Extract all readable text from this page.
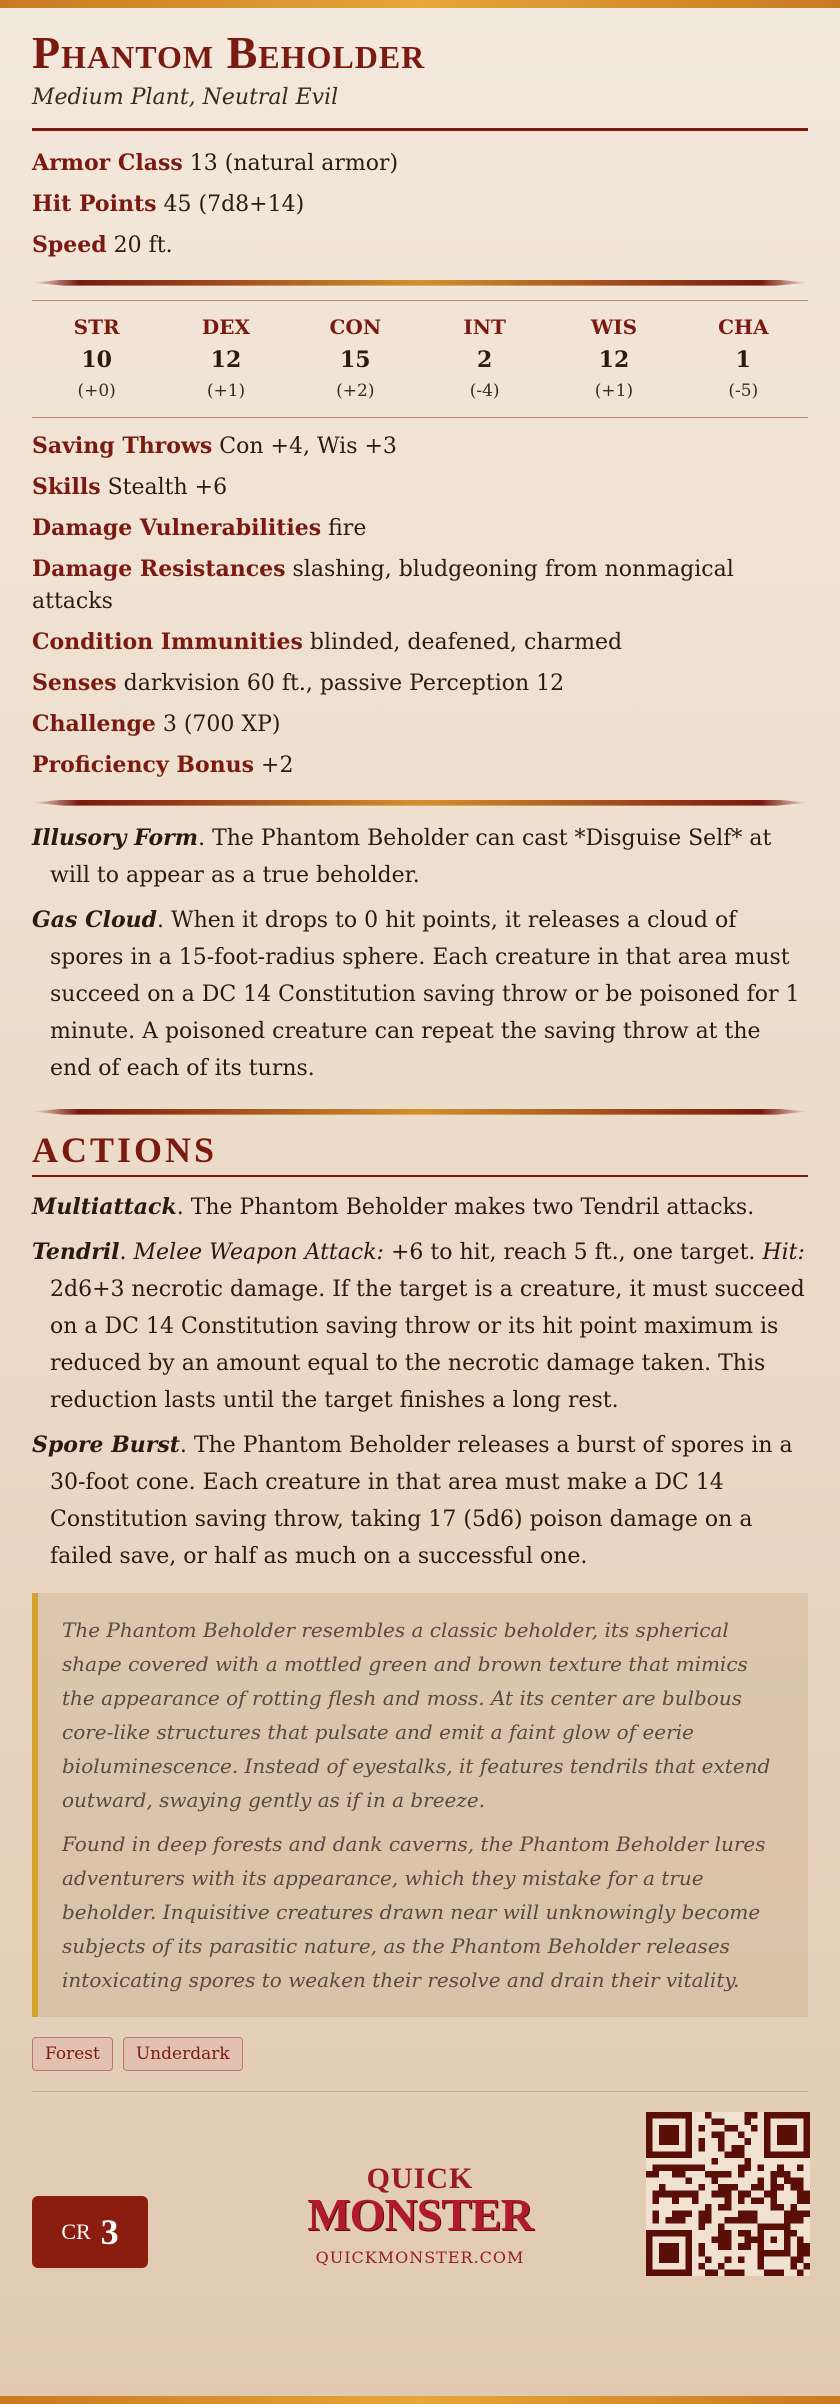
Phantom Beholder
Medium Plant, Neutral Evil
Armor Class 13 (natural armor)
Hit Points 45 (7d8+14)
Speed 20 ft.
STR
10
(+0)
DEX
12
(+1)
CON
15
(+2)
INT
2
(-4)
WIS
12
(+1)
CHA
1
(-5)
Saving Throws Con +4, Wis +3
Skills Stealth +6
Damage Vulnerabilities fire
Damage Resistances slashing, bludgeoning from nonmagical attacks
Condition Immunities blinded, deafened, charmed
Senses darkvision 60 ft., passive Perception 12
Challenge 3 (700 XP)
Proficiency Bonus +2
Illusory Form. The Phantom Beholder can cast *Disguise Self* at will to appear as a true beholder.
Gas Cloud. When it drops to 0 hit points, it releases a cloud of spores in a 15-foot-radius sphere. Each creature in that area must succeed on a DC 14 Constitution saving throw or be poisoned for 1 minute. A poisoned creature can repeat the saving throw at the end of each of its turns.
ACTIONS
Multiattack. The Phantom Beholder makes two Tendril attacks.
Tendril. Melee Weapon Attack: +6 to hit, reach 5 ft., one target. Hit: 2d6+3 necrotic damage. If the target is a creature, it must succeed on a DC 14 Constitution saving throw or its hit point maximum is reduced by an amount equal to the necrotic damage taken. This reduction lasts until the target finishes a long rest.
Spore Burst. The Phantom Beholder releases a burst of spores in a 30-foot cone. Each creature in that area must make a DC 14 Constitution saving throw, taking 17 (5d6) poison damage on a failed save, or half as much on a successful one.

The Phantom Beholder resembles a classic beholder, its spherical shape covered with a mottled green and brown texture that mimics the appearance of rotting flesh and moss. At its center are bulbous core-like structures that pulsate and emit a faint glow of eerie bioluminescence. Instead of eyestalks, it features tendrils that extend outward, swaying gently as if in a breeze.

Found in deep forests and dank caverns, the Phantom Beholder lures adventurers with its appearance, which they mistake for a true beholder. Inquisitive creatures drawn near will unknowingly become subjects of its parasitic nature, as the Phantom Beholder releases intoxicating spores to weaken their resolve and drain their vitality.

Forest	Underdark
CR 3
QUICK
MONSTER
QUICKMONSTER.COM
